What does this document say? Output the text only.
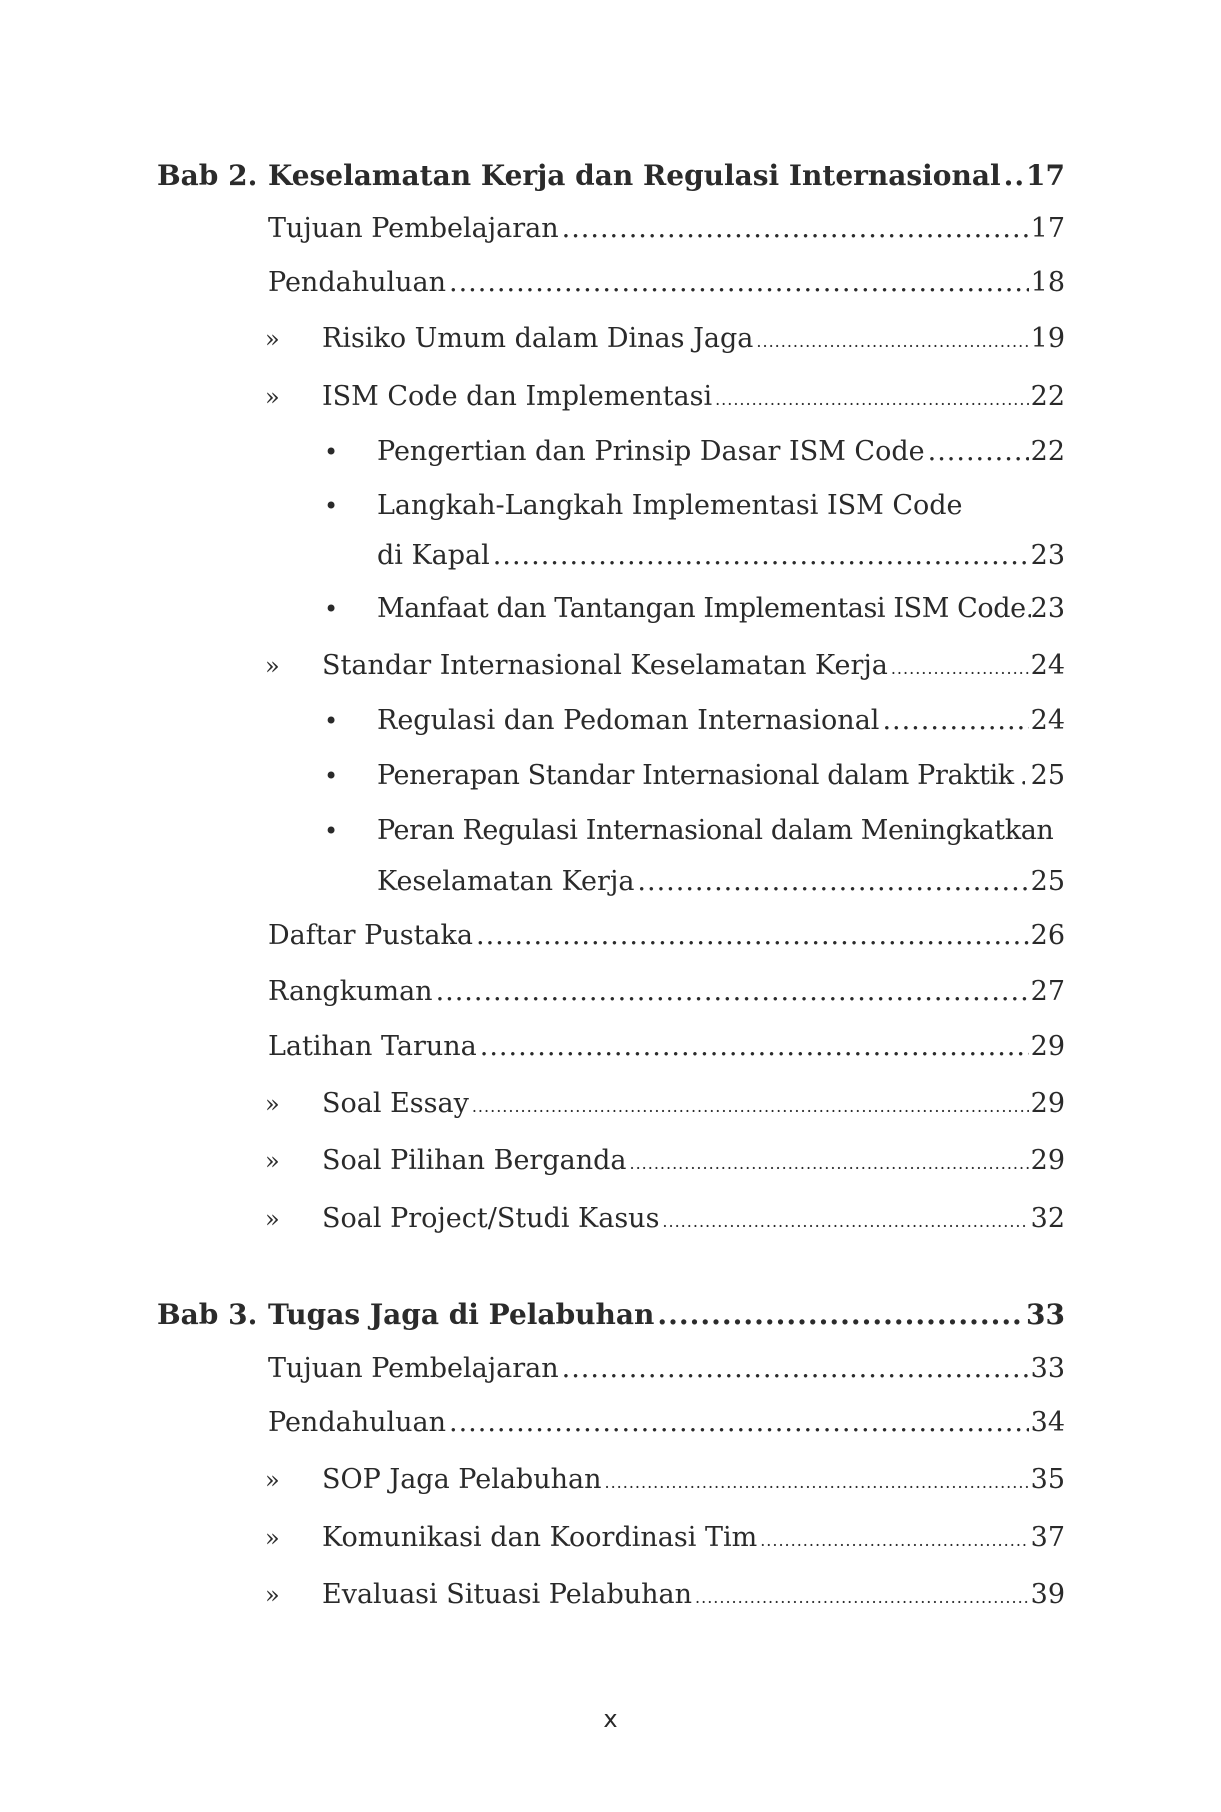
Bab 2. Keselamatan Kerja dan Regulasi Internasional ..... 17
Tujuan Pembelajaran .....	17
Pendahuluan .....	18
» Risiko Umum dalam Dinas Jaga .....	19
» ISM Code dan Implementasi .....	22
• Pengertian dan Prinsip Dasar ISM Code .....	22
• Langkah-Langkah Implementasi ISM Code
di Kapal .....	23
• Manfaat dan Tantangan Implementasi ISM Code ..... 23
» Standar Internasional Keselamatan Kerja .....	24
• Regulasi dan Pedoman Internasional .....	24
• Penerapan Standar Internasional dalam Praktik ..... 25
• Peran Regulasi Internasional dalam Meningkatkan
Keselamatan Kerja .....	25
Daftar Pustaka .....	26
Rangkuman .....	27
Latihan Taruna .....	29
» Soal Essay .....	29
» Soal Pilihan Berganda .....	29
» Soal Project/Studi Kasus .....	32
Bab 3. Tugas Jaga di Pelabuhan .....	33
Tujuan Pembelajaran .....	33
Pendahuluan .....	34
» SOP Jaga Pelabuhan .....	35
» Komunikasi dan Koordinasi Tim .....	37
» Evaluasi Situasi Pelabuhan .....	39
x
